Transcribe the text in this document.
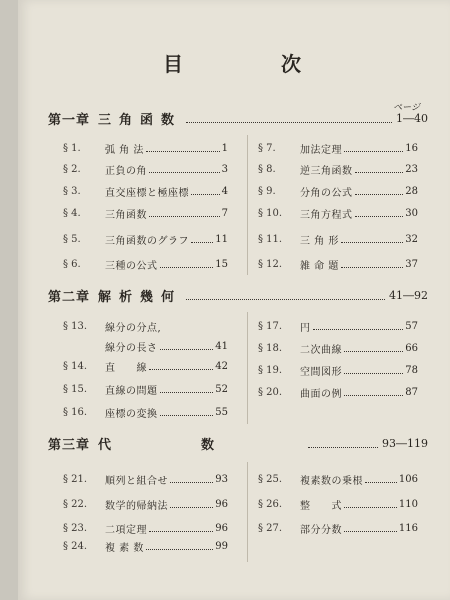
目	次
ページ
第一章 三角函数	1―40
§ 1.	弧 角 法	1
§ 2.	正負の角	3
§ 3.	直交座標と極座標	4
§ 4.	三角函数	7
§ 5.	三角函数のグラフ	11
§ 6.	三種の公式	15
§ 7.	加法定理	16
§ 8.	逆三角函数	23
§ 9.	分角の公式	28
§ 10.	三角方程式	30
§ 11.	三 角 形	32
§ 12.	雑 命 題	37
第二章 解析幾何	41―92
§ 13.	線分の分点,
線分の長さ	41
§ 14.	直　　線	42
§ 15.	直線の問題	52
§ 16.	座標の変換	55
§ 17.	円	57
§ 18.	二次曲線	66
§ 19.	空間図形	78
§ 20.	曲面の例	87
第三章 代数	93―119
§ 21.	順列と組合せ	93
§ 22.	数学的帰納法	96
§ 23.	二項定理	96
§ 24.	複 素 数	99
§ 25.	複素数の乗根	106
§ 26.	整　　式	110
§ 27.	部分分数	116
